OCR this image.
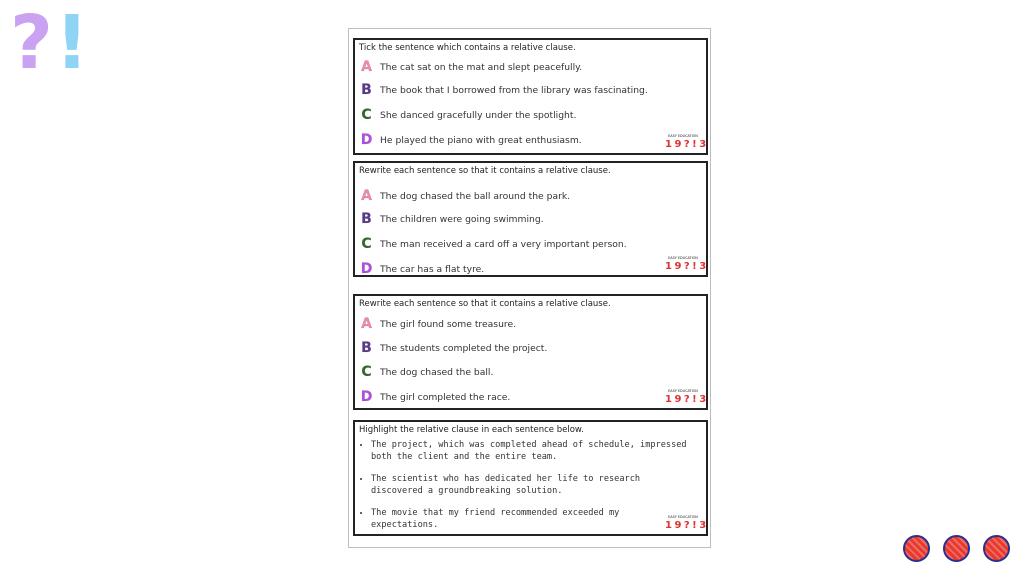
?!	Tick the sentence which contains a relative clause.
A The cat sat on the mat and slept peacefully.
B The book that I borrowed from the library was fascinating.
C She danced gracefully under the spotlight.
D He played the piano with great enthusiasm.	EASY EDUCATION
1 9 ? ! 3
Rewrite each sentence so that it contains a relative clause.
A The dog chased the ball around the park.
B The children were going swimming.
C The man received a card off a very important person.
D The car has a flat tyre.
EASY EDUCATION
1 9 ? ! 3
Rewrite each sentence so that it contains a relative clause.
A The girl found some treasure.
B The students completed the project.
C The dog chased the ball.
D The girl completed the race.
EASY EDUCATION
1 9 ? ! 3
Highlight the relative clause in each sentence below.
• The project, which was completed ahead of schedule, impressed both the client and the entire team.
• The scientist who has dedicated her life to research discovered a groundbreaking solution.
• The movie that my friend recommended exceeded my expectations.
EASY EDUCATION
1 9 ? ! 3
